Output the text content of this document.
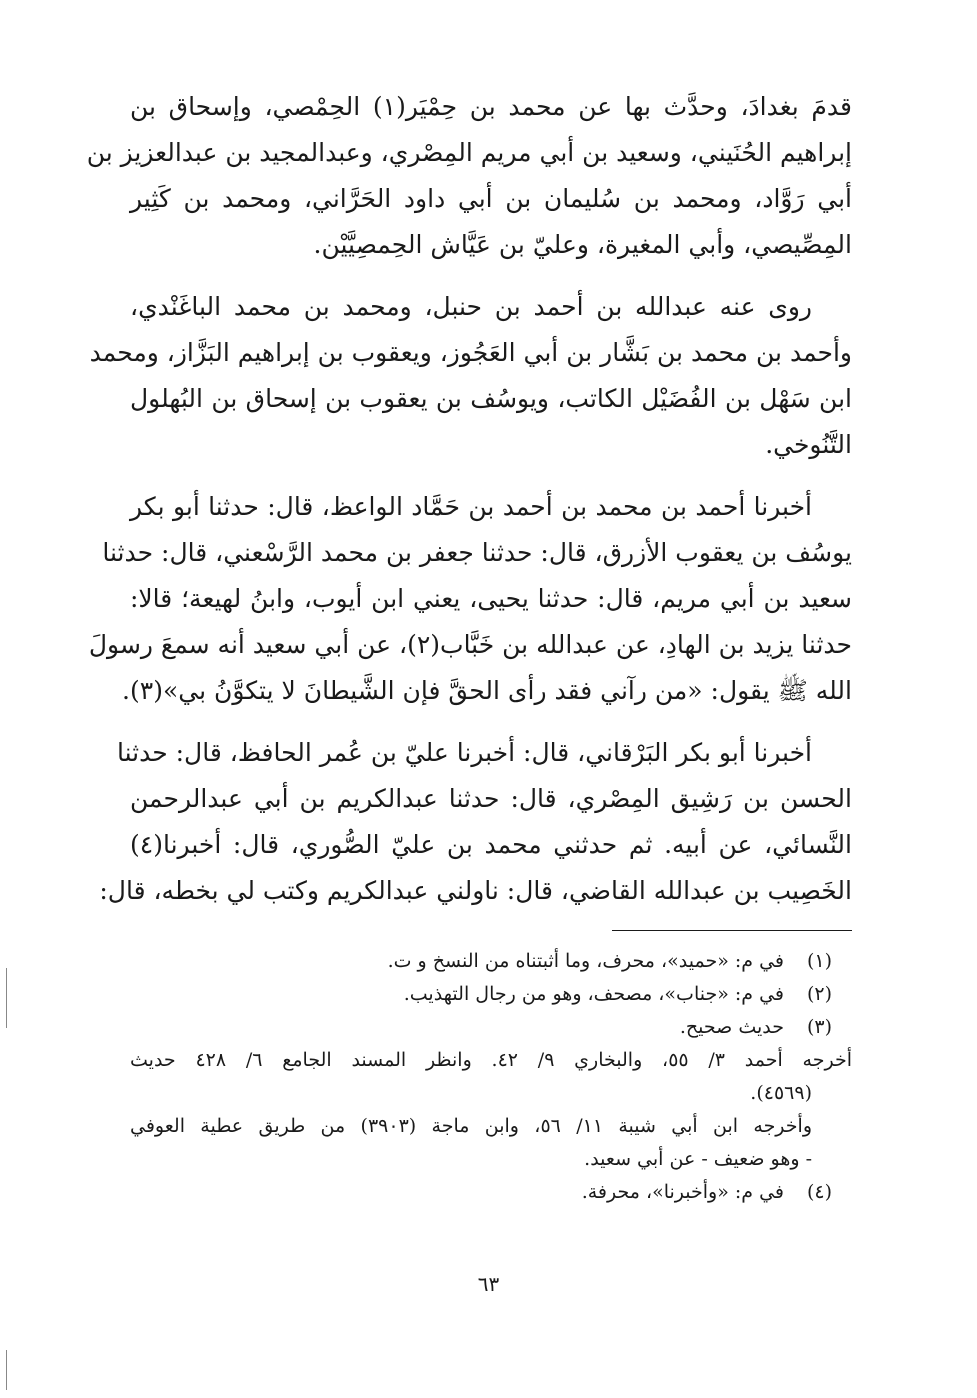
قدمَ بغدادَ، وحدَّث بها عن محمد بن حِمْيَر(١) الحِمْصي، وإسحاق بن
إبراهيم الحُنَيني، وسعيد بن أبي مريم المِصْري، وعبدالمجيد بن عبدالعزيز بن
أبي رَوَّاد، ومحمد بن سُليمان بن أبي داود الحَرَّاني، ومحمد بن كَثِير
المِصِّيصي، وأبي المغيرة، وعليّ بن عَيَّاش الحِمصِيَّيْن.

روى عنه عبدالله بن أحمد بن حنبل، ومحمد بن محمد الباغَنْدي،
وأحمد بن محمد بن بَشَّار بن أبي العَجُوز، ويعقوب بن إبراهيم البَزَّاز، ومحمد
ابن سَهْل بن الفُضَيْل الكاتب، ويوسُف بن يعقوب بن إسحاق بن البُهلول
التَّنُوخي.

أخبرنا أحمد بن محمد بن أحمد بن حَمَّاد الواعظ، قال: حدثنا أبو بكر
يوسُف بن يعقوب الأزرق، قال: حدثنا جعفر بن محمد الرَّسْعني، قال: حدثنا
سعيد بن أبي مريم، قال: حدثنا يحيى، يعني ابن أيوب، وابنُ لهيعة؛ قالا:
حدثنا يزيد بن الهادِ، عن عبدالله بن خَبَّاب(٢)، عن أبي سعيد أنه سمعَ رسولَ
الله ﷺ يقول: «من رآني فقد رأى الحقَّ فإن الشَّيطانَ لا يتكوَّنُ بي»(٣).

أخبرنا أبو بكر البَرْقاني، قال: أخبرنا عليّ بن عُمر الحافظ، قال: حدثنا
الحسن بن رَشِيق المِصْري، قال: حدثنا عبدالكريم بن أبي عبدالرحمن
النَّسائي، عن أبيه. ثم حدثني محمد بن عليّ الصُّوري، قال: أخبرنا(٤)
الخَصِيب بن عبدالله القاضي، قال: ناولني عبدالكريم وكتب لي بخطه، قال:

(١)
في م: «حميد»، محرف، وما أثبتناه من النسخ و ت.
(٢)
في م: «جناب»، مصحف، وهو من رجال التهذيب.
(٣)
حديث صحيح.
أخرجه أحمد ٣/ ٥٥، والبخاري ٩/ ٤٢. وانظر المسند الجامع ٦/ ٤٢٨ حديث
(٤٥٦٩).
وأخرجه ابن أبي شيبة ١١/ ٥٦، وابن ماجة (٣٩٠٣) من طريق عطية العوفي
- وهو ضعيف - عن أبي سعيد.
(٤)
في م: «وأخبرنا»، محرفة.
٦٣
